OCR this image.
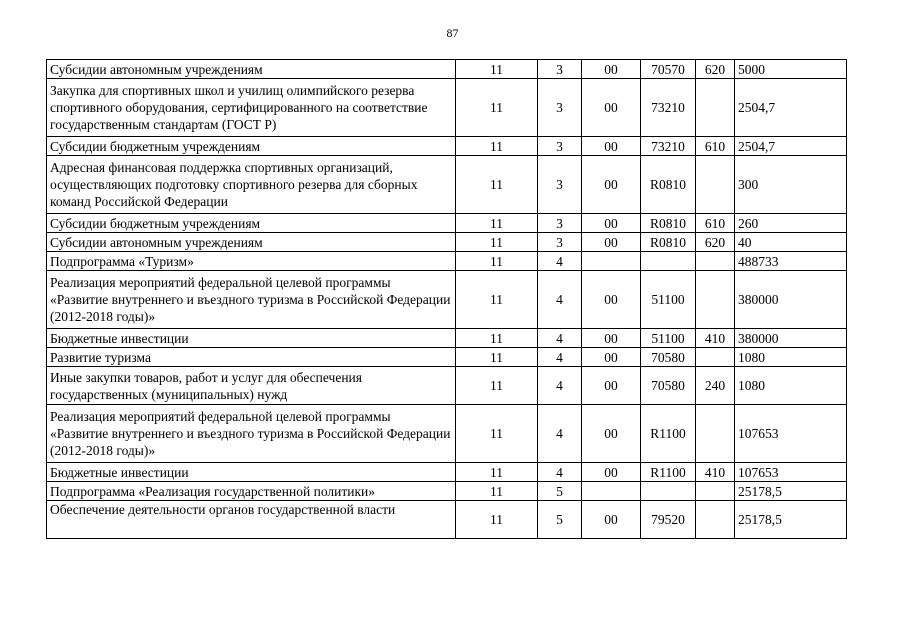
87
Субсидии автономным учреждениям	11	3	00	70570	620	5000
Закупка для спортивных школ и училищ олимпийского резерва спортивного оборудования, сертифицированного на соответствие государственным стандартам (ГОСТ Р)	11	3	00	73210		2504,7
Субсидии бюджетным учреждениям	11	3	00	73210	610	2504,7
Адресная финансовая поддержка спортивных организаций, осуществляющих подготовку спортивного резерва для сборных команд Российской Федерации	11	3	00	R0810		300
Субсидии бюджетным учреждениям	11	3	00	R0810	610	260
Субсидии автономным учреждениям	11	3	00	R0810	620	40
Подпрограмма «Туризм»	11	4				488733
Реализация мероприятий федеральной целевой программы «Развитие внутреннего и въездного туризма в Российской Федерации (2012-2018 годы)»	11	4	00	51100		380000
Бюджетные инвестиции	11	4	00	51100	410	380000
Развитие туризма	11	4	00	70580		1080
Иные закупки товаров, работ и услуг для обеспечения государственных (муниципальных) нужд	11	4	00	70580	240	1080
Реализация мероприятий федеральной целевой программы «Развитие внутреннего и въездного туризма в Российской Федерации (2012-2018 годы)»	11	4	00	R1100		107653
Бюджетные инвестиции	11	4	00	R1100	410	107653
Подпрограмма «Реализация государственной политики»	11	5				25178,5
Обеспечение деятельности органов государственной власти	11	5	00	79520		25178,5
